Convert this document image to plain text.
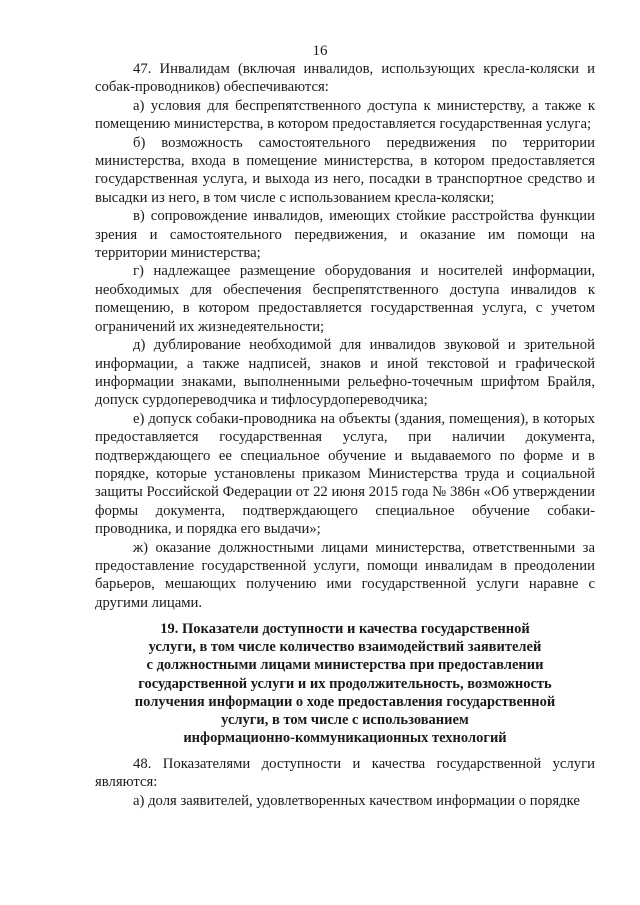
16

47. Инвалидам (включая инвалидов, использующих кресла-коляски и собак-проводников) обеспечиваются:

а) условия для беспрепятственного доступа к министерству, а также к помещению министерства, в котором предоставляется государственная услуга;

б) возможность самостоятельного передвижения по территории министерства, входа в помещение министерства, в котором предоставляется государственная услуга, и выхода из него, посадки в транспортное средство и высадки из него, в том числе с использованием кресла-коляски;

в) сопровождение инвалидов, имеющих стойкие расстройства функции зрения и самостоятельного передвижения, и оказание им помощи на территории министерства;

г) надлежащее размещение оборудования и носителей информации, необходимых для обеспечения беспрепятственного доступа инвалидов к помещению, в котором предоставляется государственная услуга, с учетом ограничений их жизнедеятельности;

д) дублирование необходимой для инвалидов звуковой и зрительной информации, а также надписей, знаков и иной текстовой и графической информации знаками, выполненными рельефно-точечным шрифтом Брайля, допуск сурдопереводчика и тифлосурдопереводчика;

е) допуск собаки-проводника на объекты (здания, помещения), в которых предоставляется государственная услуга, при наличии документа, подтверждающего ее специальное обучение и выдаваемого по форме и в порядке, которые установлены приказом Министерства труда и социальной защиты Российской Федерации от 22 июня 2015 года № 386н «Об утверждении формы документа, подтверждающего специальное обучение собаки-проводника, и порядка его выдачи»;

ж) оказание должностными лицами министерства, ответственными за предоставление государственной услуги, помощи инвалидам в преодолении барьеров, мешающих получению ими государственной услуги наравне с другими лицами.

19. Показатели доступности и качества государственной
услуги, в том числе количество взаимодействий заявителей
с должностными лицами министерства при предоставлении
государственной услуги и их продолжительность, возможность
получения информации о ходе предоставления государственной
услуги, в том числе с использованием
информационно-коммуникационных технологий

48. Показателями доступности и качества государственной услуги являются:

а) доля заявителей, удовлетворенных качеством информации о порядке
